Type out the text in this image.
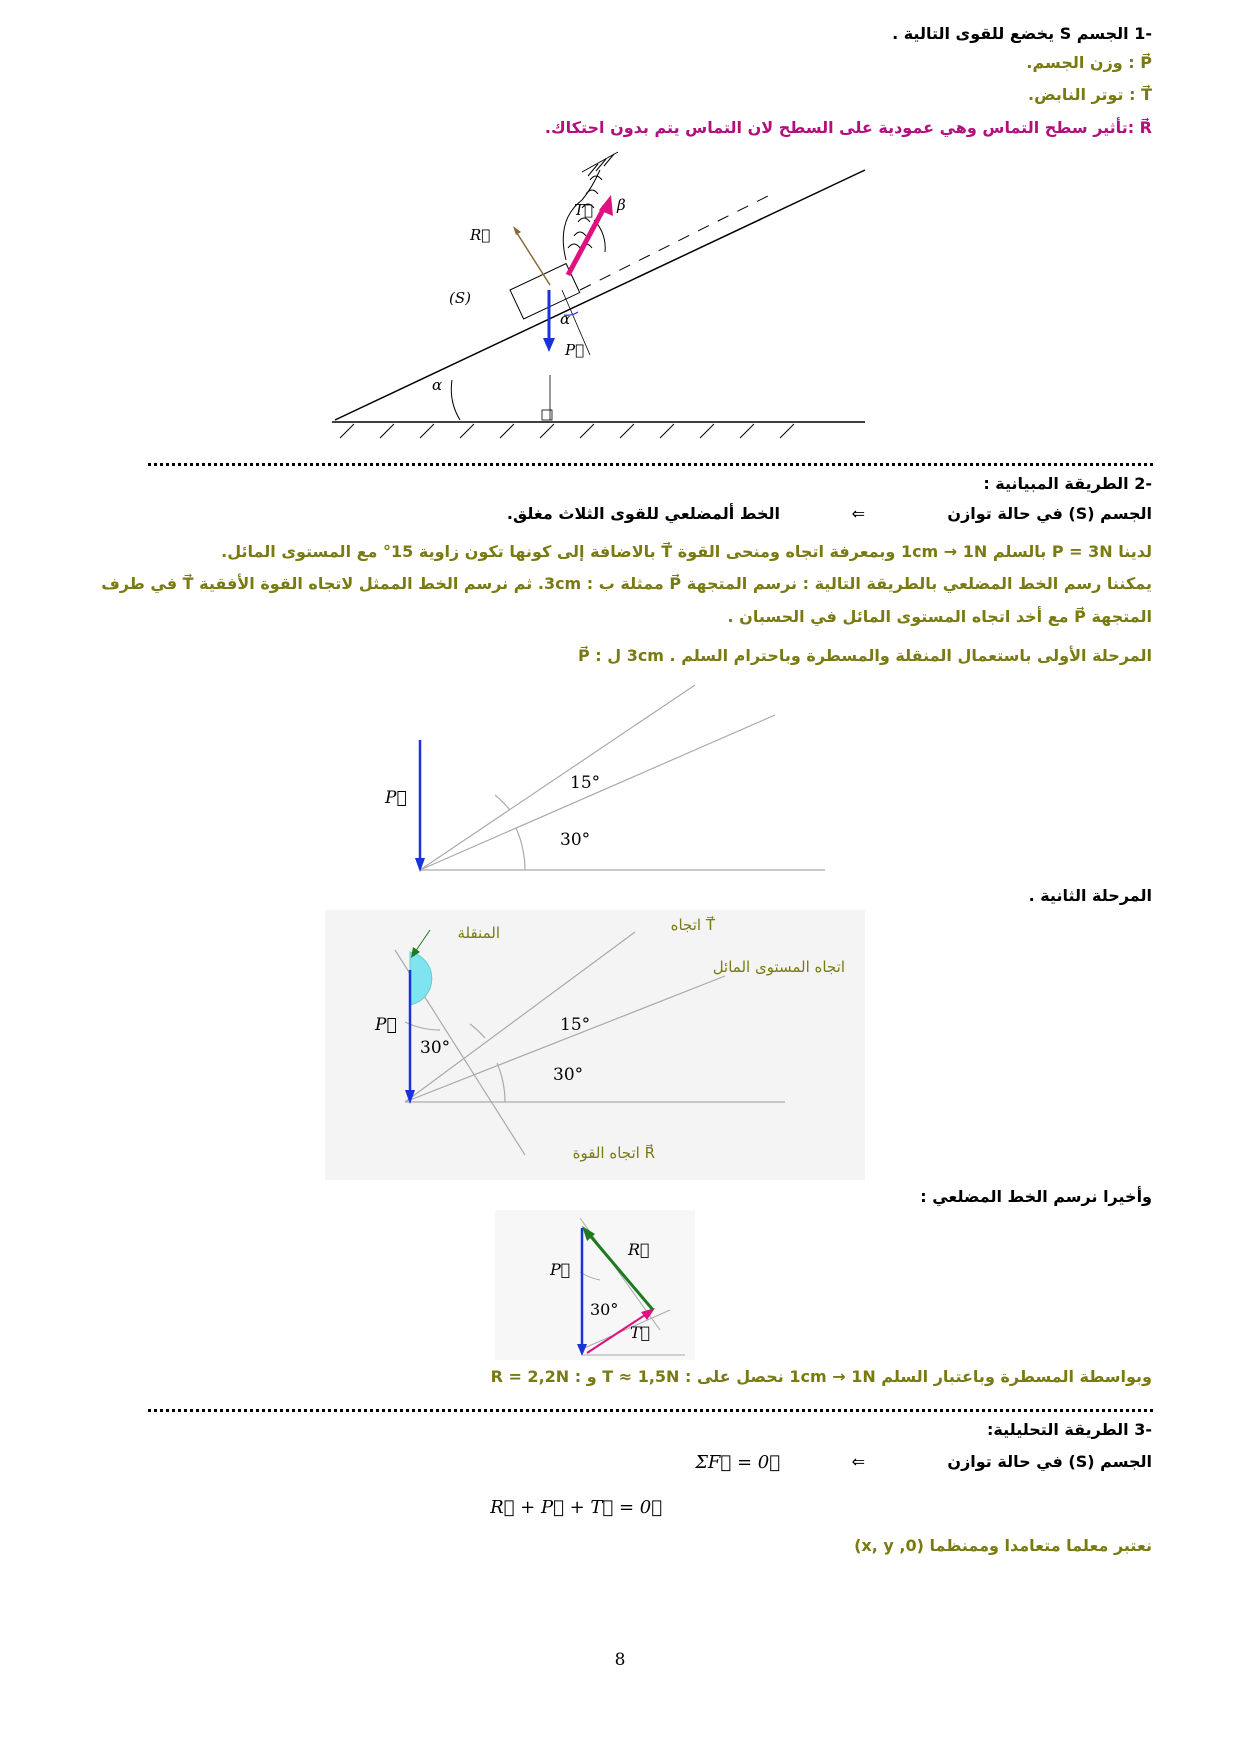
-1 الجسم S يخضع للقوى التالية .
P⃗ : وزن الجسم.
T⃗ : توتر النابض.
R⃗ :تأثير سطح التماس وهي عمودية على السطح لان التماس يتم بدون احتكاك.
R⃗
T⃗ β
(S)
α
α
P⃗
-2 الطريقة المبيانية :
الجسم (S) في حالة توازن
⇐
الخط ألمضلعي للقوى الثلاث مغلق.
لدينا P = 3N بالسلم 1cm → 1N وبمعرفة اتجاه ومنحى القوة T⃗ بالاضافة إلى كونها تكون زاوية 15° مع المستوى المائل.
يمكننا رسم الخط المضلعي بالطريقة التالية : نرسم المتجهة P⃗ ممثلة ب : 3cm. ثم نرسم الخط الممثل لاتجاه القوة الأفقية T⃗ في طرف
المتجهة P⃗ مع أخد اتجاه المستوى المائل في الحسبان .
المرحلة الأولى باستعمال المنقلة والمسطرة وباحترام السلم . 3cm ل : P⃗
P⃗
15°
30°
المرحلة الثانية .
المنقلة	اتجاه T⃗
اتجاه المستوى المائل
اتجاه القوة R⃗
P⃗
30°
15°
30°
وأخيرا نرسم الخط المضلعي :
P⃗
R⃗
30°
T⃗
وبواسطة المسطرة وباعتبار السلم 1cm → 1N نحصل على : T ≈ 1,5N و : R = 2,2N
-3 الطريقة التحليلية:
الجسم (S) في حالة توازن
⇐
ΣF⃗ = 0⃗
R⃗ + P⃗ + T⃗ = 0⃗
نعتبر معلما متعامدا وممنظما (0, x, y)
8
